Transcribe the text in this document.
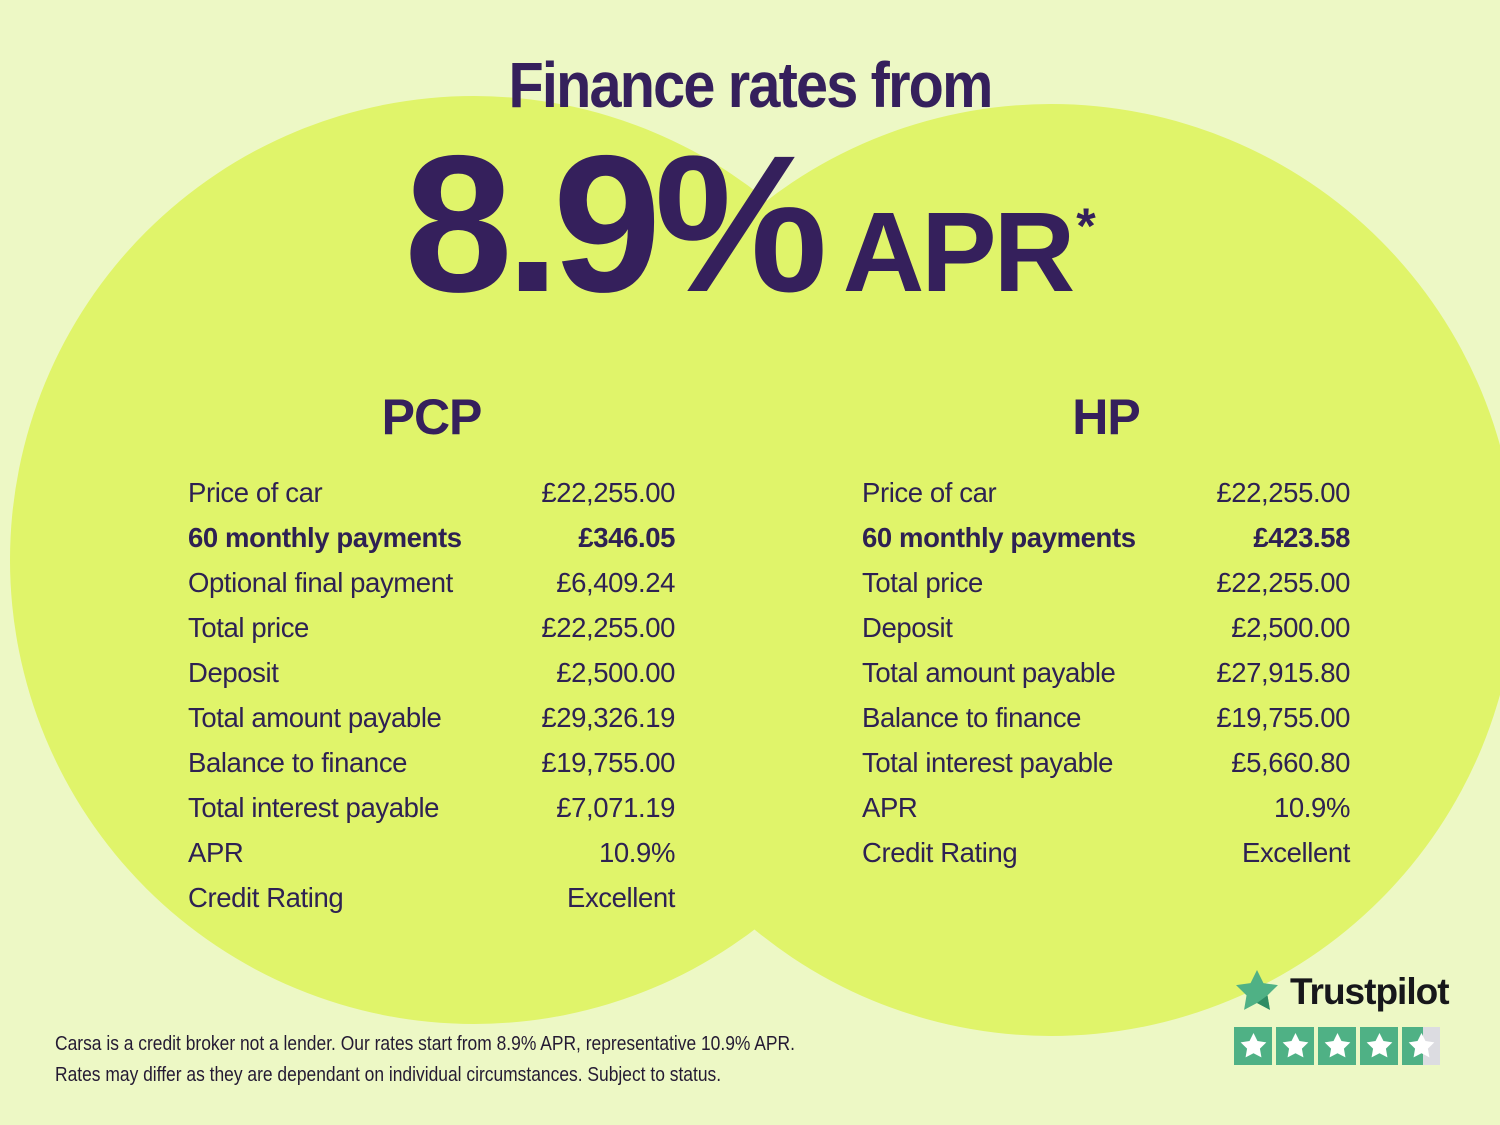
Finance rates from
8.9% APR *
PCP
Price of car	£22,255.00
60 monthly payments	£346.05
Optional final payment	£6,409.24
Total price	£22,255.00
Deposit	£2,500.00
Total amount payable	£29,326.19
Balance to finance	£19,755.00
Total interest payable	£7,071.19
APR	10.9%
Credit Rating	Excellent
HP
Price of car	£22,255.00
60 monthly payments	£423.58
Total price	£22,255.00
Deposit	£2,500.00
Total amount payable	£27,915.80
Balance to finance	£19,755.00
Total interest payable	£5,660.80
APR	10.9%
Credit Rating	Excellent

Carsa is a credit broker not a lender. Our rates start from 8.9% APR, representative 10.9% APR.
Rates may differ as they are dependant on individual circumstances. Subject to status.

Trustpilot
